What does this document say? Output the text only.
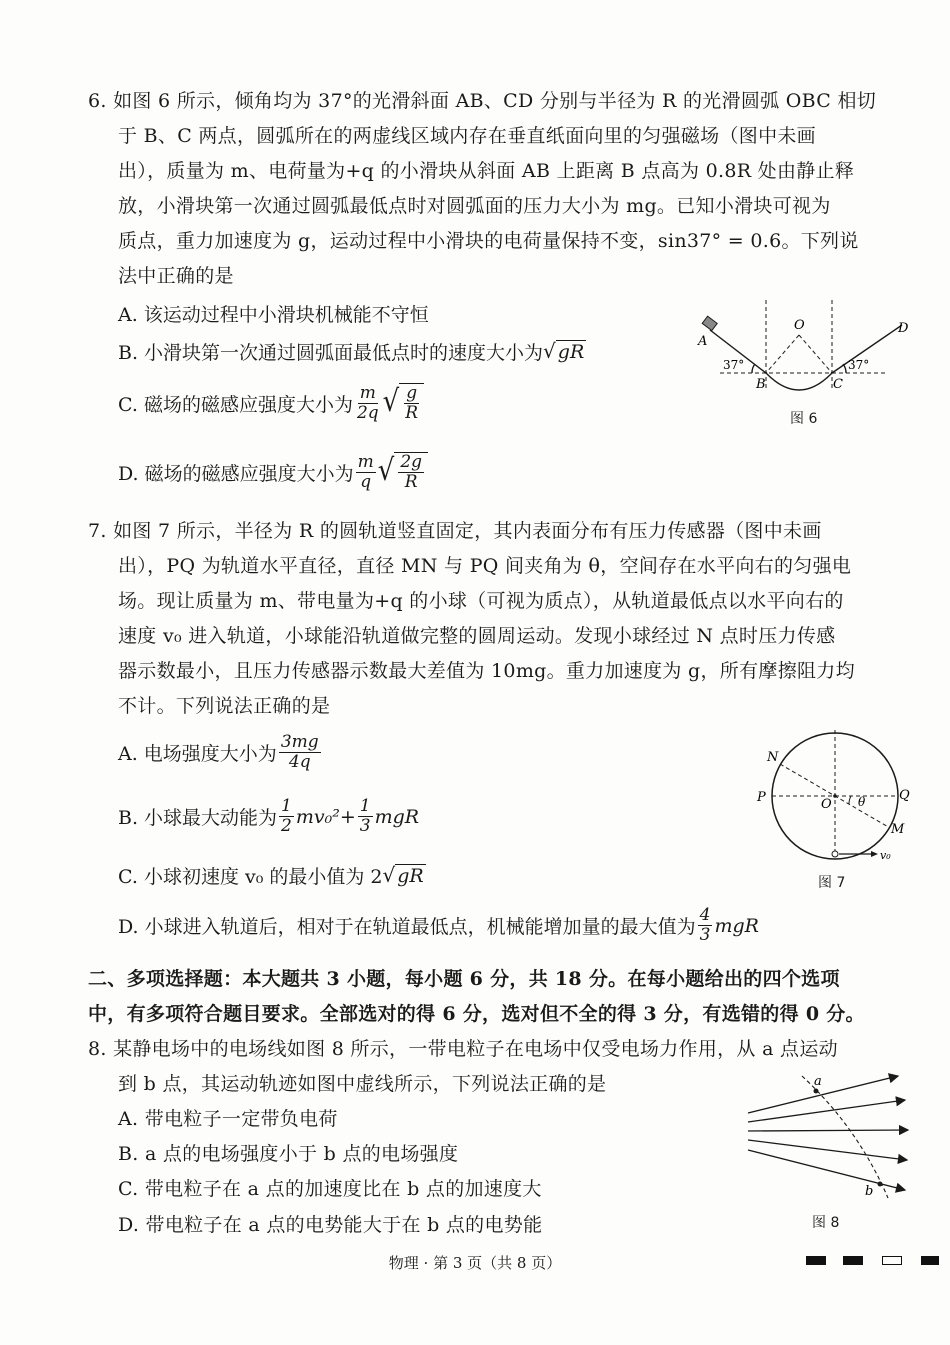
6. 如图 6 所示，倾角均为 37°的光滑斜面 AB、CD 分别与半径为 R 的光滑圆弧 OBC 相切
于 B、C 两点，圆弧所在的两虚线区域内存在垂直纸面向里的匀强磁场（图中未画
出），质量为 m、电荷量为+q 的小滑块从斜面 AB 上距离 B 点高为 0.8R 处由静止释
放，小滑块第一次通过圆弧最低点时对圆弧面的压力大小为 mg。已知小滑块可视为
质点，重力加速度为 g，运动过程中小滑块的电荷量保持不变，sin37° = 0.6。下列说
法中正确的是
A. 该运动过程中小滑块机械能不守恒
B. 小滑块第一次通过圆弧面最低点时的速度大小为 √ gR
C. 磁场的磁感应强度大小为 $\frac{m}{2q}$ √ $\frac{g}{R}$
D. 磁场的磁感应强度大小为 $\frac{m}{q}$ √ $\frac{2g}{R}$
A
O	D
B	C
37°	37°
图 6
7. 如图 7 所示，半径为 R 的圆轨道竖直固定，其内表面分布有压力传感器（图中未画
出），PQ 为轨道水平直径，直径 MN 与 PQ 间夹角为 θ，空间存在水平向右的匀强电
场。现让质量为 m、带电量为+q 的小球（可视为质点），从轨道最低点以水平向右的
速度 v₀ 进入轨道，小球能沿轨道做完整的圆周运动。发现小球经过 N 点时压力传感
器示数最小，且压力传感器示数最大差值为 10mg。重力加速度为 g，所有摩擦阻力均
不计。下列说法正确的是
A. 电场强度大小为 $\frac{3mg}{4q}$
B. 小球最大动能为 $\frac{1}{2} mv_0^2+ \frac{1}{3}$ mgR
C. 小球初速度 v₀ 的最小值为 2 √ gR
D. 小球进入轨道后，相对于在轨道最低点，机械能增加量的最大值为 $\frac{4}{3}$ mgR
N
P	O θ	Q
M
v₀
图 7
二、多项选择题：本大题共 3 小题，每小题 6 分，共 18 分。在每小题给出的四个选项
中，有多项符合题目要求。全部选对的得 6 分，选对但不全的得 3 分，有选错的得 0 分。
8. 某静电场中的电场线如图 8 所示，一带电粒子在电场中仅受电场力作用，从 a 点运动
到 b 点，其运动轨迹如图中虚线所示，下列说法正确的是
A. 带电粒子一定带负电荷
B. a 点的电场强度小于 b 点的电场强度
C. 带电粒子在 a 点的加速度比在 b 点的加速度大
D. 带电粒子在 a 点的电势能大于在 b 点的电势能
a
b
图 8
物理 · 第 3 页（共 8 页）
